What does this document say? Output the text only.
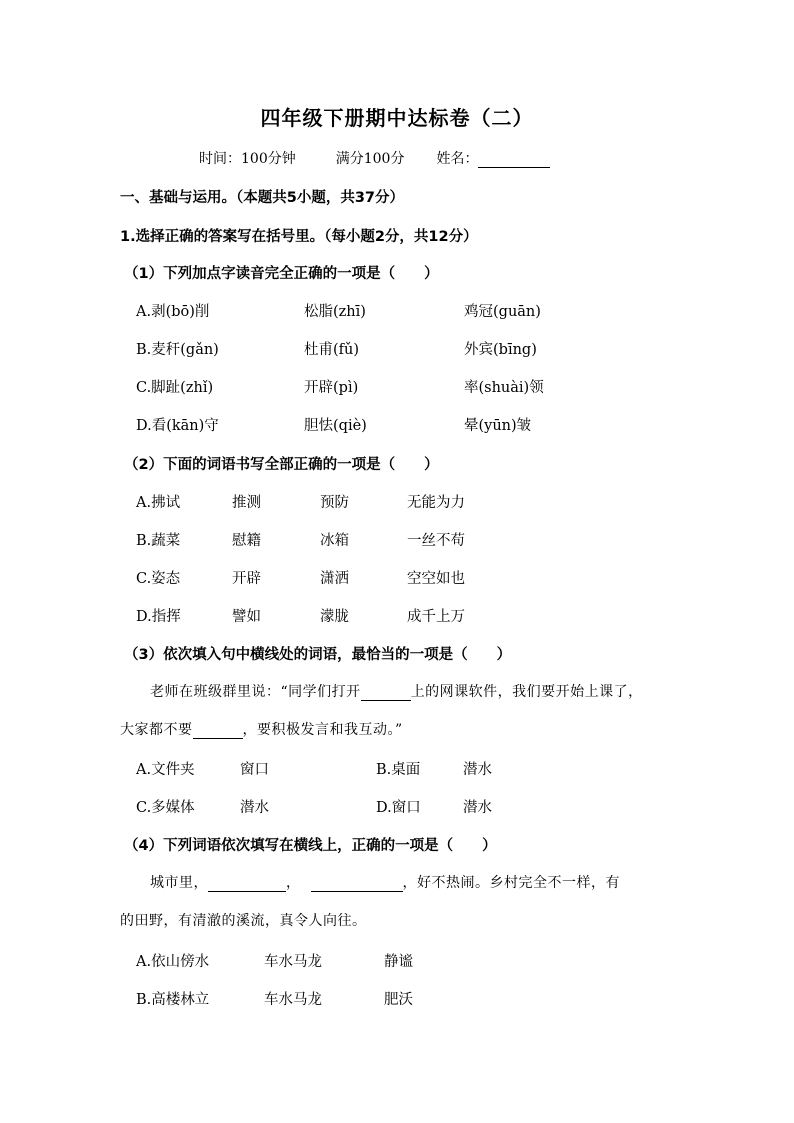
四年级下册期中达标卷（二）
时间：100分钟	满分100分 姓名：
一、基础与运用。（本题共5小题，共37分）
1.选择正确的答案写在括号里。（每小题2分，共12分）
（1）下列加点字读音完全正确的一项是（　　）
A.剥(bō)削	松脂(zhī)	鸡冠(guān)
B.麦秆(gǎn)	杜甫(fǔ)	外宾(bīng)
C.脚趾(zhǐ)	开辟(pì)	率(shuài)领
D.看(kān)守	胆怯(qiè)	晕(yūn)皱
（2）下面的词语书写全部正确的一项是（　　）
A.拂试	推测	预防	无能为力
B.蔬菜	慰籍	冰箱	一丝不苟
C.姿态	开辟	潇洒	空空如也
D.指挥	譬如	濛胧	成千上万
（3）依次填入句中横线处的词语，最恰当的一项是（　　）
老师在班级群里说：“同学们打开	上的网课软件，我们要开始上课了，
大家都不要	，要积极发言和我互动。”
A.文件夹	窗口	B.桌面	潜水
C.多媒体	潜水	D.窗口	潜水
（4）下列词语依次填写在横线上，正确的一项是（　　）
城市里，	，	，好不热闹。乡村完全不一样，有
的田野，有清澈的溪流，真令人向往。
A.依山傍水	车水马龙	静谧
B.高楼林立	车水马龙	肥沃
